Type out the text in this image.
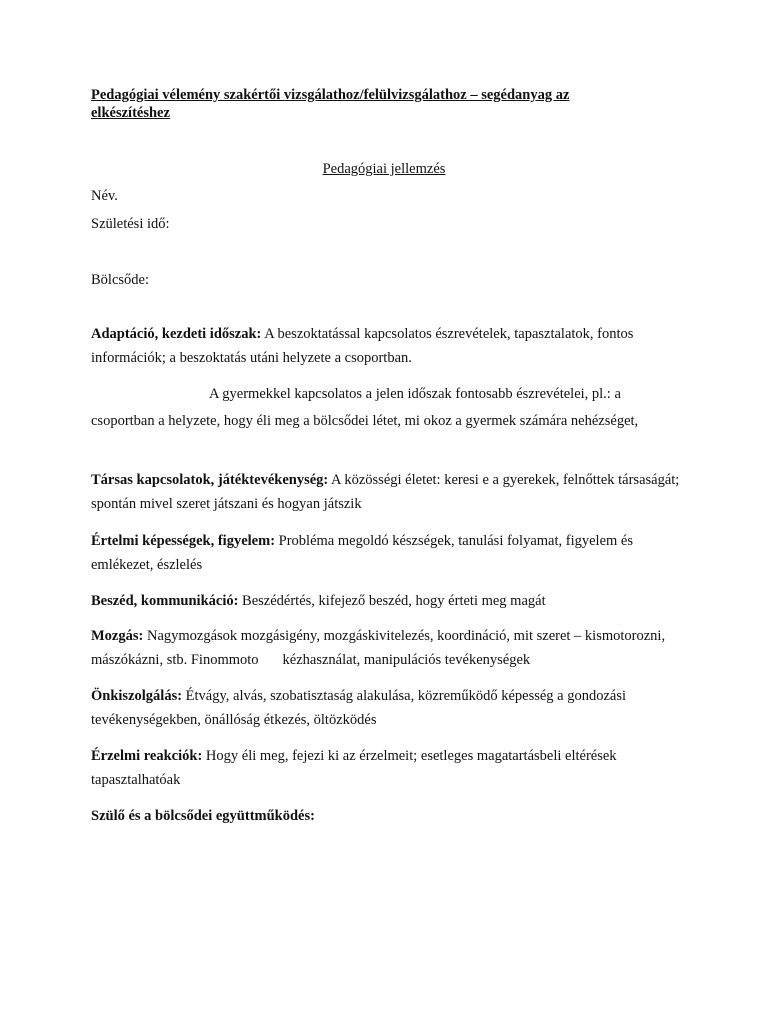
Pedagógiai vélemény szakértői vizsgálathoz/felülvizsgálathoz – segédanyag az elkészítéshez
Pedagógiai jellemzés
Név.
Születési idő:
Bölcsőde:
Adaptáció, kezdeti időszak: A beszoktatással kapcsolatos észrevételek, tapasztalatok, fontos információk; a beszoktatás utáni helyzete a csoportban.
A gyermekkel kapcsolatos a jelen időszak fontosabb észrevételei, pl.: a
csoportban a helyzete, hogy éli meg a bölcsődei létet, mi okoz a gyermek számára nehézséget,
Társas kapcsolatok, játéktevékenység: A közösségi életet: keresi e a gyerekek, felnőttek társaságát; spontán mivel szeret játszani és hogyan játszik
Értelmi képességek, figyelem: Probléma megoldó készségek, tanulási folyamat, figyelem és emlékezet, észlelés
Beszéd, kommunikáció: Beszédértés, kifejező beszéd, hogy érteti meg magát
Mozgás: Nagymozgások mozgásigény, mozgáskivitelezés, koordináció, mit szeret – kismotorozni, mászókázni, stb. Finommoto kézhasználat, manipulációs tevékenységek
Önkiszolgálás: Étvágy, alvás, szobatisztaság alakulása, közreműködő képesség a gondozási tevékenységekben, önállóság étkezés, öltözködés
Érzelmi reakciók: Hogy éli meg, fejezi ki az érzelmeit; esetleges magatartásbeli eltérések tapasztalhatóak
Szülő és a bölcsődei együttműködés:
